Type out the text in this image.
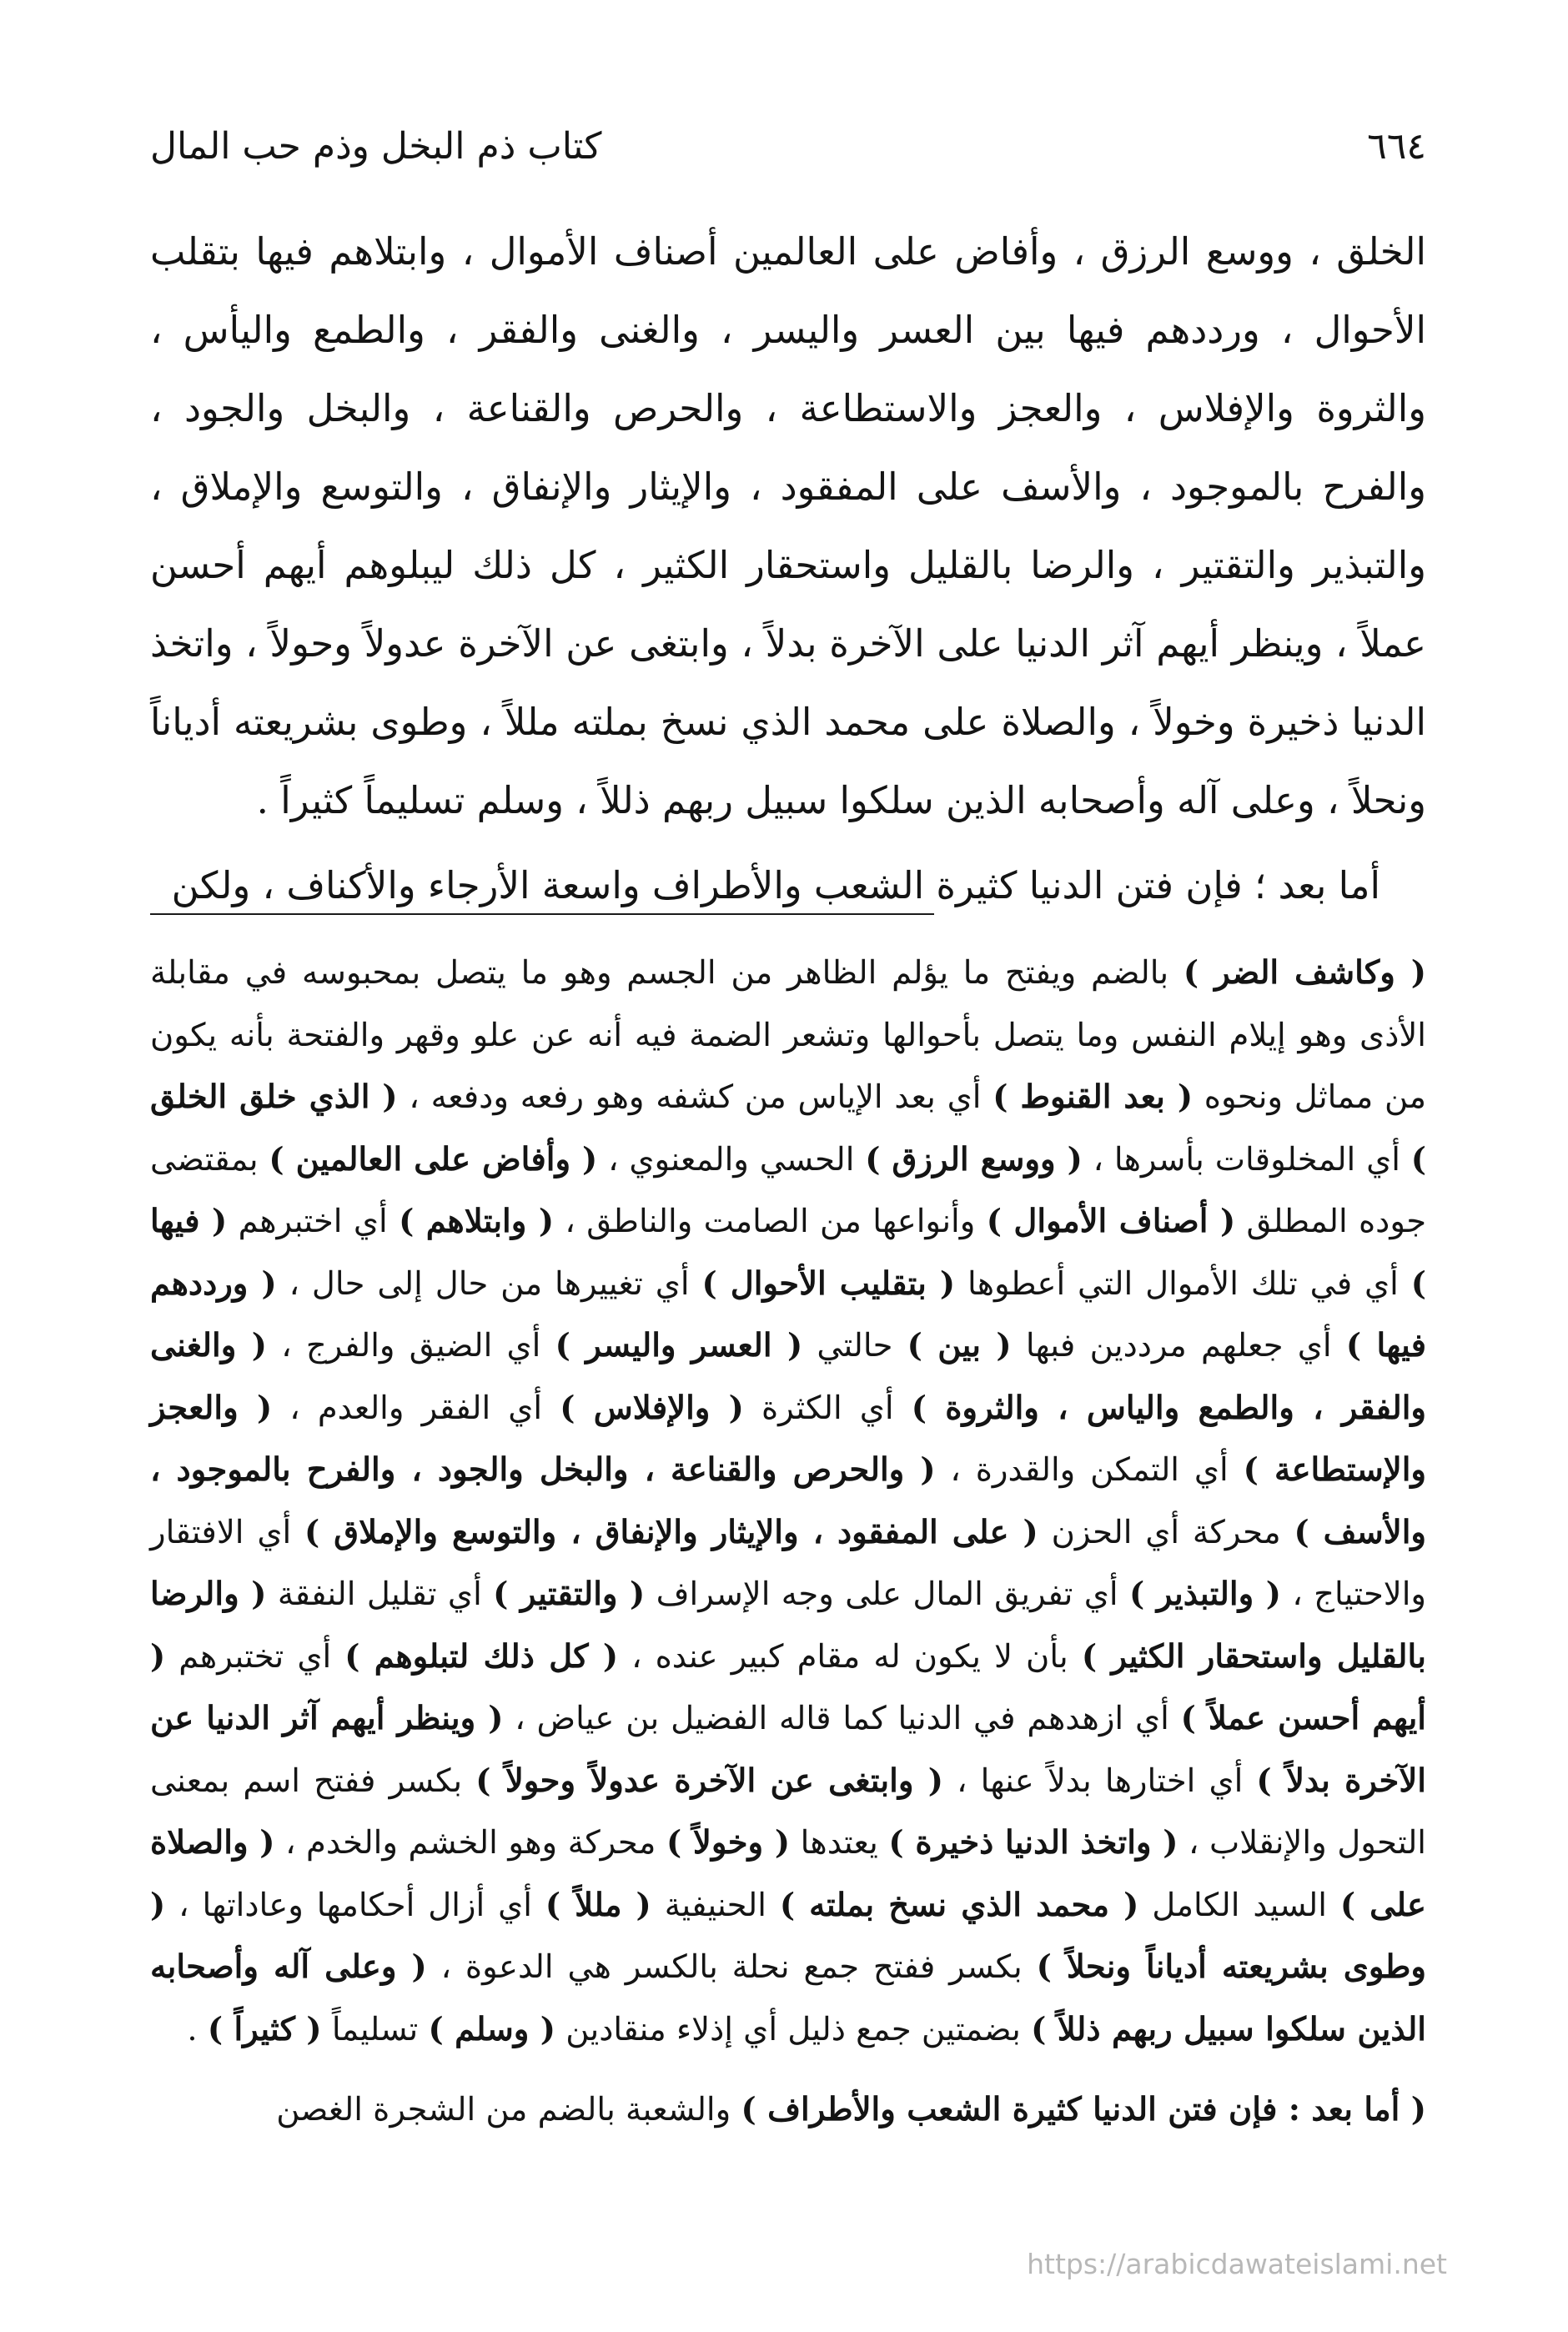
٦٦٤
كتاب ذم البخل وذم حب المال

الخلق ، ووسع الرزق ، وأفاض على العالمين أصناف الأموال ، وابتلاهم فيها بتقلب الأحوال ، ورددهم فيها بين العسر واليسر ، والغنى والفقر ، والطمع واليأس ، والثروة والإفلاس ، والعجز والاستطاعة ، والحرص والقناعة ، والبخل والجود ، والفرح بالموجود ، والأسف على المفقود ، والإيثار والإنفاق ، والتوسع والإملاق ، والتبذير والتقتير ، والرضا بالقليل واستحقار الكثير ، كل ذلك ليبلوهم أيهم أحسن عملاً ، وينظر أيهم آثر الدنيا على الآخرة بدلاً ، وابتغى عن الآخرة عدولاً وحولاً ، واتخذ الدنيا ذخيرة وخولاً ، والصلاة على محمد الذي نسخ بملته مللاً ، وطوى بشريعته أدياناً ونحلاً ، وعلى آله وأصحابه الذين سلكوا سبيل ربهم ذللاً ، وسلم تسليماً كثيراً .

أما بعد ؛ فإن فتن الدنيا كثيرة الشعب والأطراف واسعة الأرجاء والأكناف ، ولكن

( وكاشف الضر ) بالضم ويفتح ما يؤلم الظاهر من الجسم وهو ما يتصل بمحبوسه في مقابلة الأذى وهو إيلام النفس وما يتصل بأحوالها وتشعر الضمة فيه أنه عن علو وقهر والفتحة بأنه يكون من مماثل ونحوه ( بعد القنوط ) أي بعد الإياس من كشفه وهو رفعه ودفعه ، ( الذي خلق الخلق ) أي المخلوقات بأسرها ، ( ووسع الرزق ) الحسي والمعنوي ، ( وأفاض على العالمين ) بمقتضى جوده المطلق ( أصناف الأموال ) وأنواعها من الصامت والناطق ، ( وابتلاهم ) أي اختبرهم ( فيها ) أي في تلك الأموال التي أعطوها ( بتقليب الأحوال ) أي تغييرها من حال إلى حال ، ( ورددهم فيها ) أي جعلهم مرددين فبها ( بين ) حالتي ( العسر واليسر ) أي الضيق والفرج ، ( والغنى والفقر ، والطمع والياس ، والثروة ) أي الكثرة ( والإفلاس ) أي الفقر والعدم ، ( والعجز والإستطاعة ) أي التمكن والقدرة ، ( والحرص والقناعة ، والبخل والجود ، والفرح بالموجود ، والأسف ) محركة أي الحزن ( على المفقود ، والإيثار والإنفاق ، والتوسع والإملاق ) أي الافتقار والاحتياج ، ( والتبذير ) أي تفريق المال على وجه الإسراف ( والتقتير ) أي تقليل النفقة ( والرضا بالقليل واستحقار الكثير ) بأن لا يكون له مقام كبير عنده ، ( كل ذلك لتبلوهم ) أي تختبرهم ( أيهم أحسن عملاً ) أي ازهدهم في الدنيا كما قاله الفضيل بن عياض ، ( وينظر أيهم آثر الدنيا عن الآخرة بدلاً ) أي اختارها بدلاً عنها ، ( وابتغى عن الآخرة عدولاً وحولاً ) بكسر ففتح اسم بمعنى التحول والإنقلاب ، ( واتخذ الدنيا ذخيرة ) يعتدها ( وخولاً ) محركة وهو الخشم والخدم ، ( والصلاة على ) السيد الكامل ( محمد الذي نسخ بملته ) الحنيفية ( مللاً ) أي أزال أحكامها وعاداتها ، ( وطوى بشريعته أدياناً ونحلاً ) بكسر ففتح جمع نحلة بالكسر هي الدعوة ، ( وعلى آله وأصحابه الذين سلكوا سبيل ربهم ذللاً ) بضمتين جمع ذليل أي إذلاء منقادين ( وسلم ) تسليماً ( كثيراً ) .

( أما بعد : فإن فتن الدنيا كثيرة الشعب والأطراف ) والشعبة بالضم من الشجرة الغصن

https://arabicdawateislami.net
